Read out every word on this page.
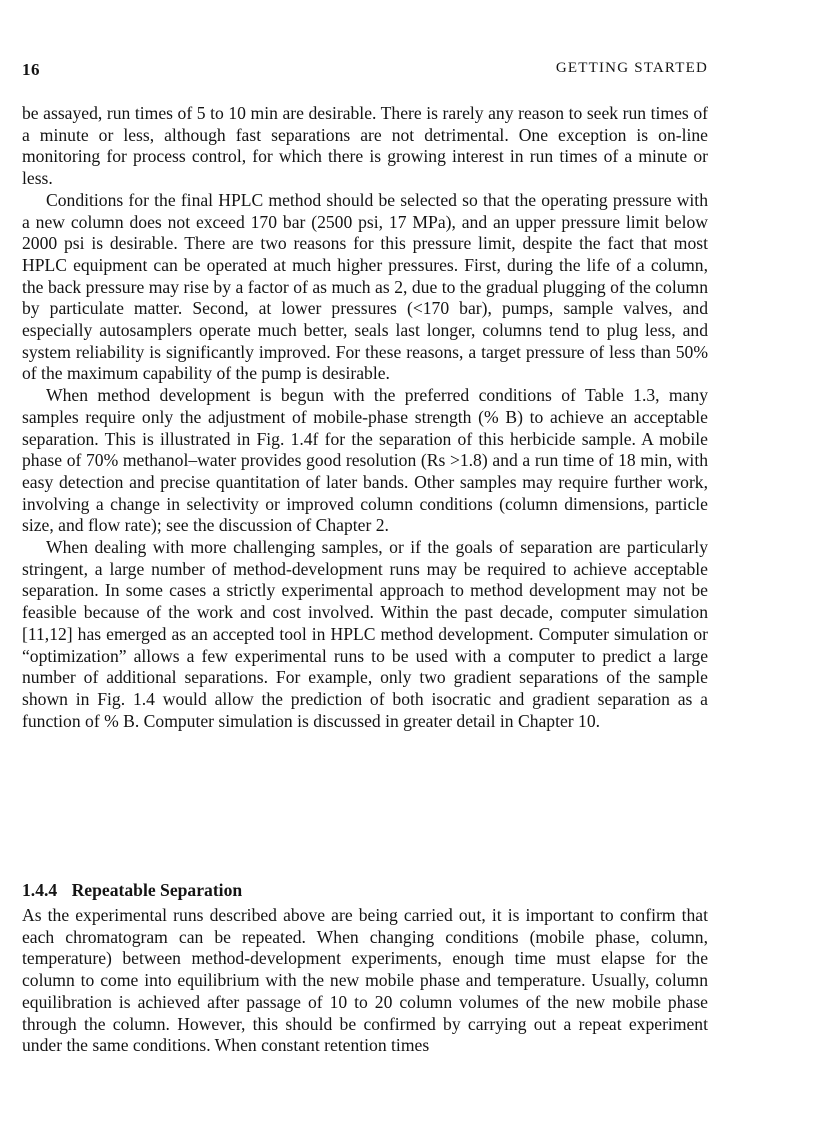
16	GETTING STARTED

be assayed, run times of 5 to 10 min are desirable. There is rarely any reason to seek run times of a minute or less, although fast separations are not detrimental. One exception is on-line monitoring for process control, for which there is growing interest in run times of a minute or less.

Conditions for the final HPLC method should be selected so that the operating pressure with a new column does not exceed 170 bar (2500 psi, 17 MPa), and an upper pressure limit below 2000 psi is desirable. There are two reasons for this pressure limit, despite the fact that most HPLC equipment can be operated at much higher pressures. First, during the life of a column, the back pressure may rise by a factor of as much as 2, due to the gradual plugging of the column by particulate matter. Second, at lower pressures (<170 bar), pumps, sample valves, and especially autosamplers operate much better, seals last longer, columns tend to plug less, and system reliability is significantly improved. For these reasons, a target pressure of less than 50% of the maximum capability of the pump is desirable.

When method development is begun with the preferred conditions of Table 1.3, many samples require only the adjustment of mobile-phase strength (% B) to achieve an acceptable separation. This is illustrated in Fig. 1.4f for the separation of this herbicide sample. A mobile phase of 70% methanol–water provides good resolution (Rs >1.8) and a run time of 18 min, with easy detection and precise quantitation of later bands. Other samples may require further work, involving a change in selectivity or improved column conditions (column dimensions, particle size, and flow rate); see the discussion of Chapter 2.

When dealing with more challenging samples, or if the goals of separation are particularly stringent, a large number of method-development runs may be required to achieve acceptable separation. In some cases a strictly experimental approach to method development may not be feasible because of the work and cost involved. Within the past decade, computer simulation [11,12] has emerged as an accepted tool in HPLC method development. Computer simulation or “optimization” allows a few experimental runs to be used with a computer to predict a large number of additional separations. For example, only two gradient separations of the sample shown in Fig. 1.4 would allow the prediction of both isocratic and gradient separation as a function of % B. Computer simulation is discussed in greater detail in Chapter 10.

1.4.4 Repeatable Separation

As the experimental runs described above are being carried out, it is important to confirm that each chromatogram can be repeated. When changing conditions (mobile phase, column, temperature) between method-development experiments, enough time must elapse for the column to come into equilibrium with the new mobile phase and temperature. Usually, column equilibration is achieved after passage of 10 to 20 column volumes of the new mobile phase through the column. However, this should be confirmed by carrying out a repeat experiment under the same conditions. When constant retention times
